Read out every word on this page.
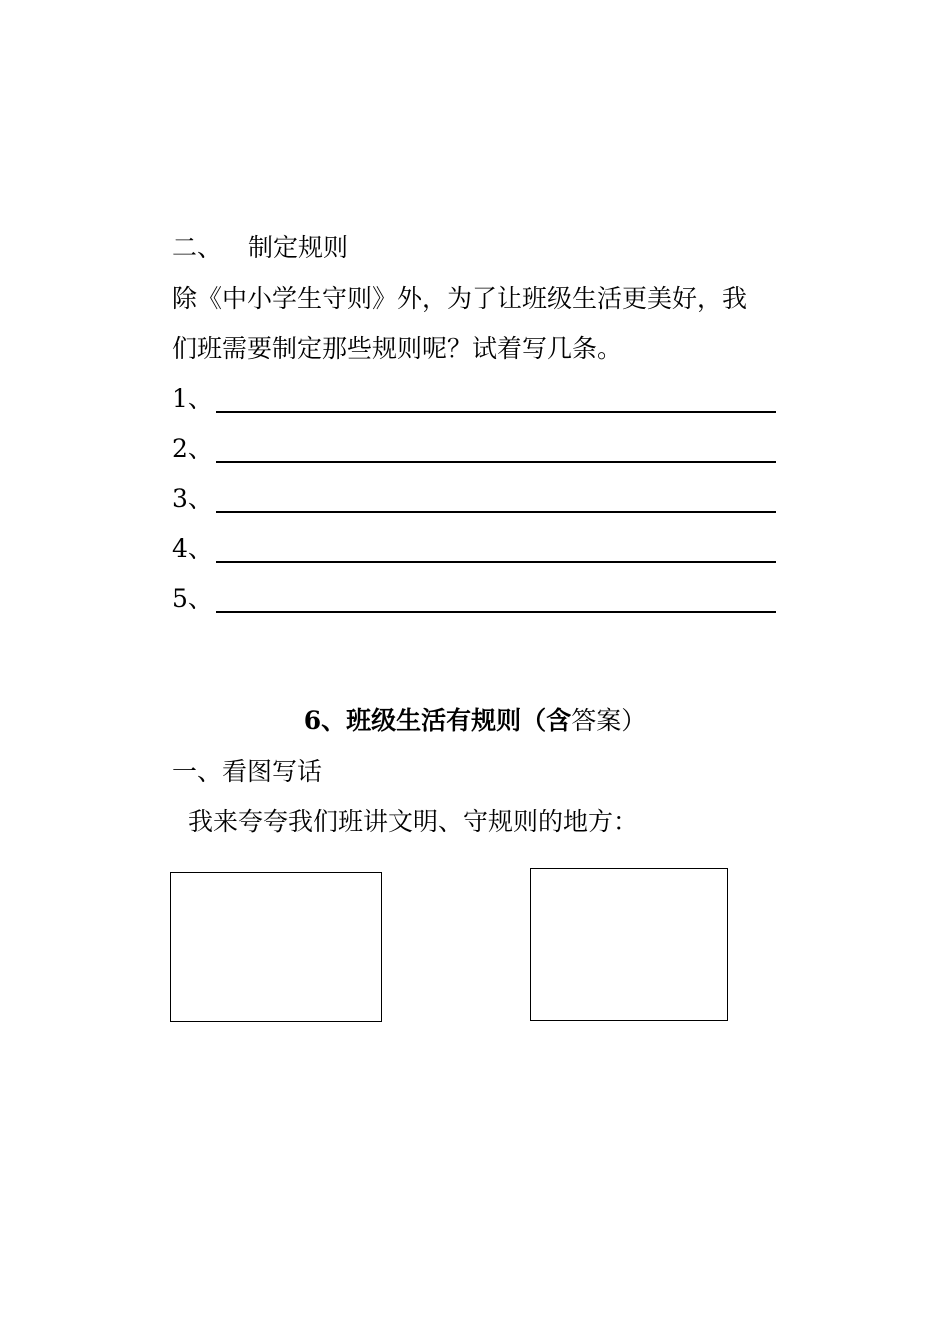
二、 制定规则
除《中小学生守则》外，为了让班级生活更美好，我
们班需要制定那些规则呢？试着写几条。
1、
2、
3、
4、
5、
6、班级生活有规则（含答案）
一、看图写话
我来夸夸我们班讲文明、守规则的地方：
